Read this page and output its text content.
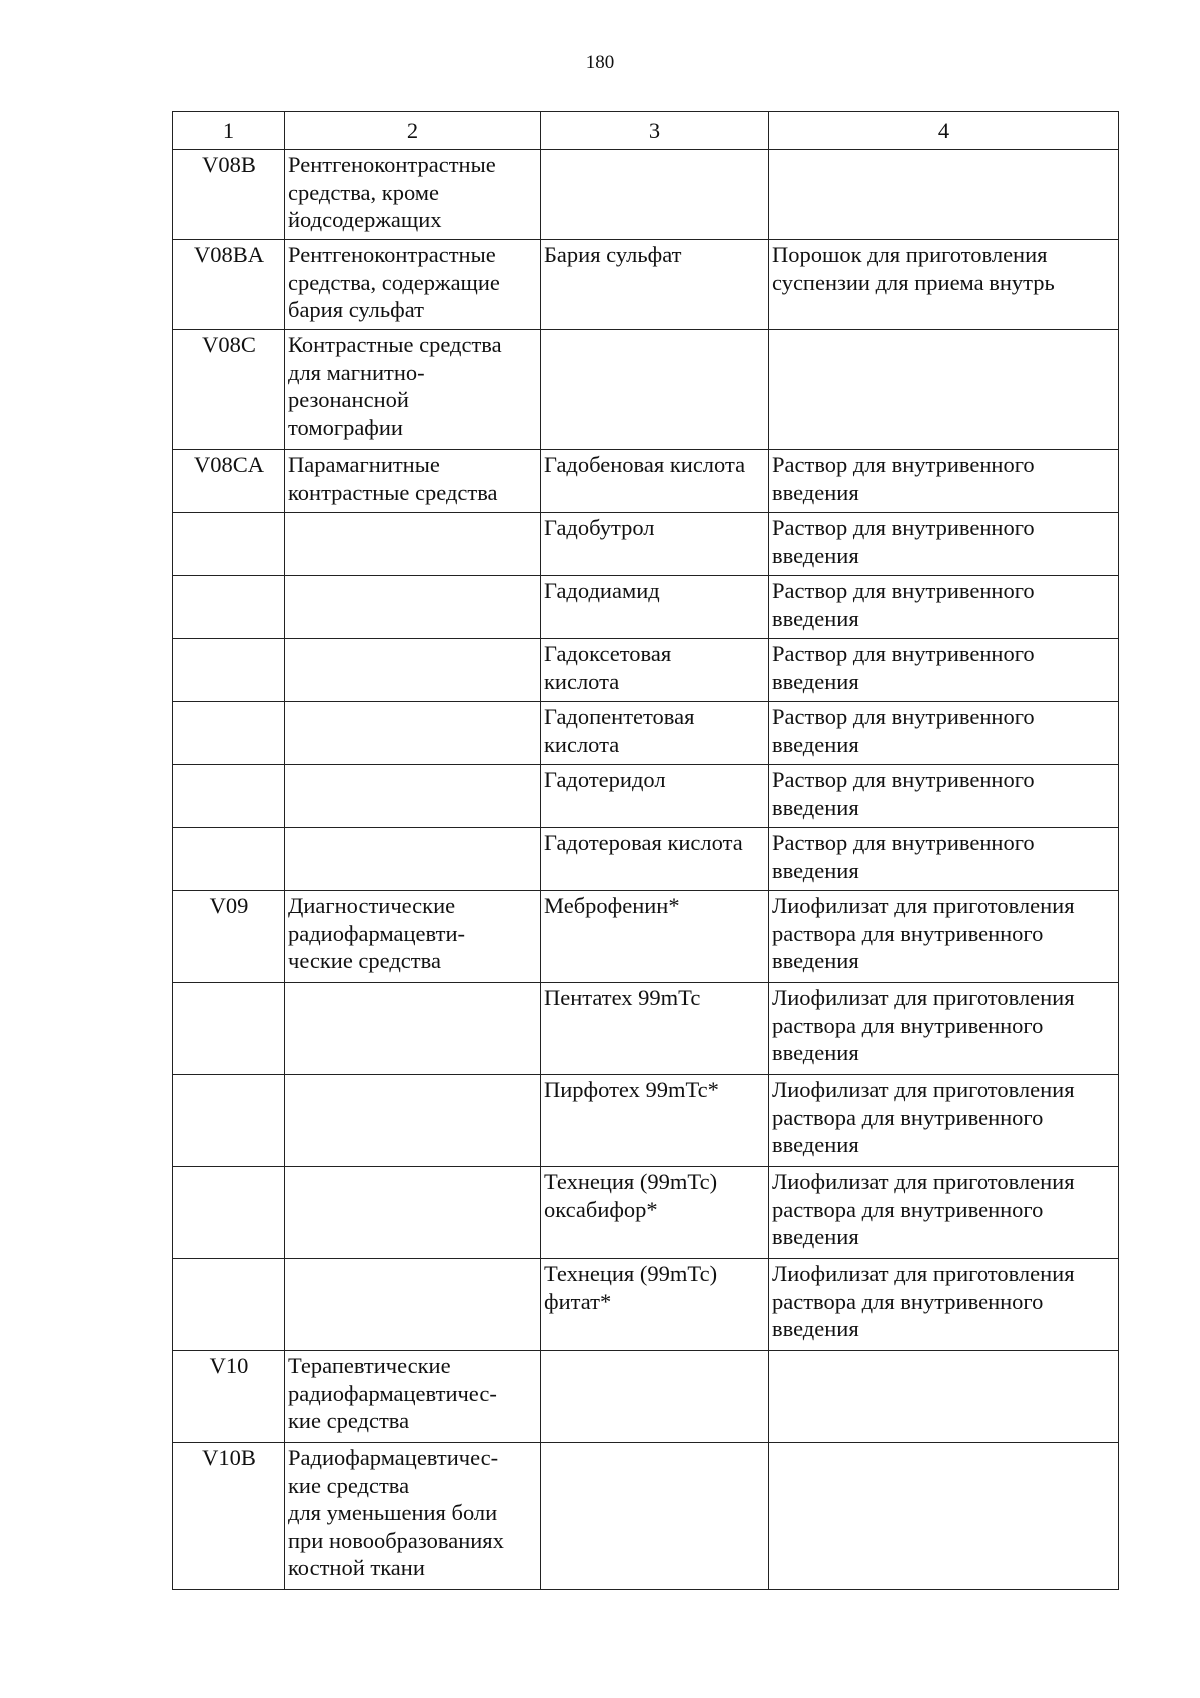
180
1	2	3	4
V08B	Рентгеноконтрастные
средства, кроме
йодсодержащих		
V08BA	Рентгеноконтрастные
средства, содержащие
бария сульфат	Бария сульфат	Порошок для приготовления
суспензии для приема внутрь
V08C	Контрастные средства
для магнитно-
резонансной
томографии		
V08CA	Парамагнитные
контрастные средства	Гадобеновая кислота	Раствор для внутривенного
введения
		Гадобутрол	Раствор для внутривенного
введения
		Гадодиамид	Раствор для внутривенного
введения
		Гадоксетовая
кислота	Раствор для внутривенного
введения
		Гадопентетовая
кислота	Раствор для внутривенного
введения
		Гадотеридол	Раствор для внутривенного
введения
		Гадотеровая кислота	Раствор для внутривенного
введения
V09	Диагностические
радиофармацевти-
ческие средства	Меброфенин*	Лиофилизат для приготовления
раствора для внутривенного
введения
		Пентатех 99mTc	Лиофилизат для приготовления
раствора для внутривенного
введения
		Пирфотех 99mTc*	Лиофилизат для приготовления
раствора для внутривенного
введения
		Технеция (99mTc)
оксабифор*	Лиофилизат для приготовления
раствора для внутривенного
введения
		Технеция (99mTc)
фитат*	Лиофилизат для приготовления
раствора для внутривенного
введения
V10	Терапевтические
радиофармацевтичес-
кие средства		
V10B	Радиофармацевтичес-
кие средства
для уменьшения боли
при новообразованиях
костной ткани		
